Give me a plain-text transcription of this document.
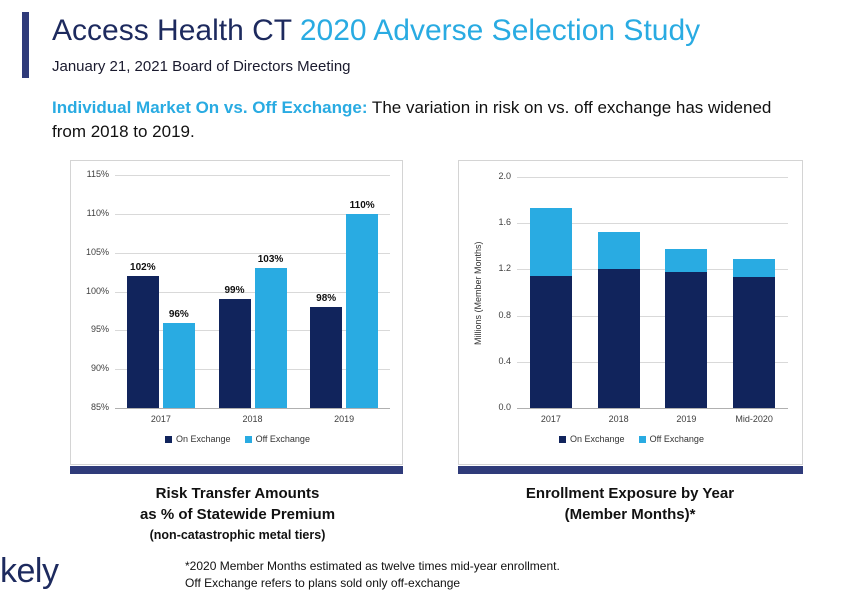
Access Health CT 2020 Adverse Selection Study
January 21, 2021 Board of Directors Meeting
Individual Market On vs. Off Exchange: The variation in risk on vs. off exchange has widened from 2018 to 2019.
115%
110%
105%
100%
95%
90%
85%
102%
96%
2017
99%
103%
2018
98%
110%
2019
On Exchange	Off Exchange
2.0
1.6
1.2
0.8
0.4
0.0
Millions (Member Months)
2017	2018	2019	Mid-2020
On Exchange	Off Exchange
Risk Transfer Amounts
as % of Statewide Premium
(non-catastrophic metal tiers)
Enrollment Exposure by Year
(Member Months)*
*2020 Member Months estimated as twelve times mid-year enrollment.
Off Exchange refers to plans sold only off-exchange
kely
